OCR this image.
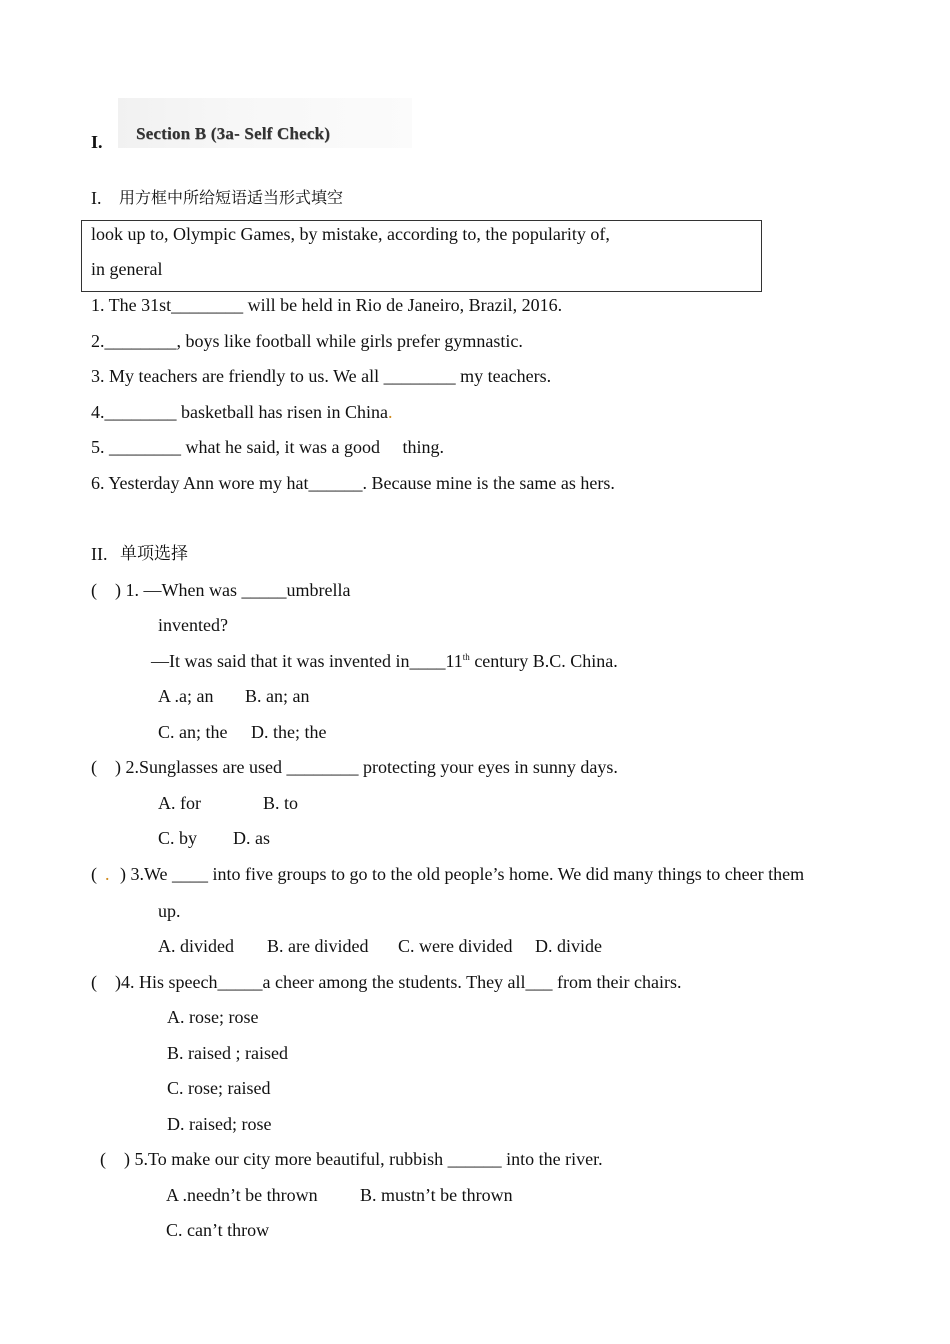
I. Section B (3a- Self Check)
I. 用方框中所给短语适当形式填空
look up to, Olympic Games, by mistake, according to, the popularity of,
in general
1. The 31st________ will be held in Rio de Janeiro, Brazil, 2016.
2.________, boys like football while girls prefer gymnastic.
3. My teachers are friendly to us. We all ________ my teachers.
4.________ basketball has risen in China.
5. ________ what he said, it was a good     thing.
6. Yesterday Ann wore my hat______. Because mine is the same as hers.
II. 单项选择
(    ) 1. —When was _____umbrella
invented?
—It was said that it was invented in____11th century B.C. China.
A .a; an B. an; an
C. an; the D. the; the
(    ) 2.Sunglasses are used ________ protecting your eyes in sunny days.
A. for	B. to
C. by D. as
( . ) 3.We ____ into five groups to go to the old people’s home. We did many things to cheer them
up.
A. divided B. are divided C. were divided D. divide
(    )4. His speech_____a cheer among the students. They all___ from their chairs.
A. rose; rose
B. raised ; raised
C. rose; raised
D. raised; rose
(    ) 5.To make our city more beautiful, rubbish ______ into the river.
A .needn’t be thrown B. mustn’t be thrown
C. can’t throw
